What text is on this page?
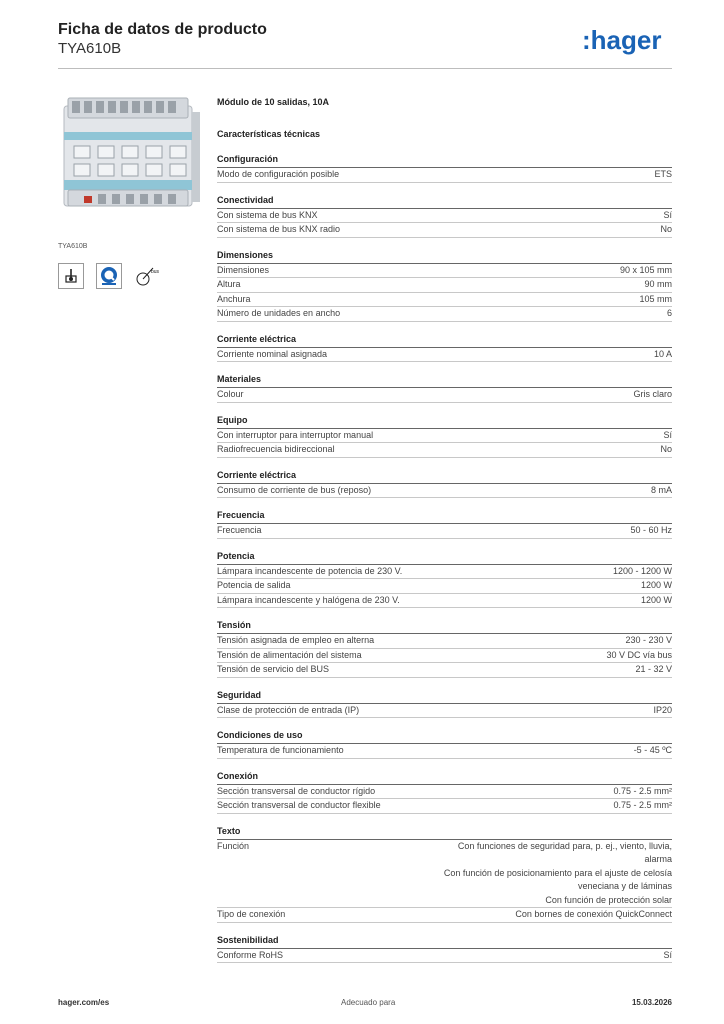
Ficha de datos de producto
TYA610B	:hager
TYA610B
bus
Módulo de 10 salidas, 10A
Características técnicas
Configuración
Modo de configuración posible	ETS
Conectividad
Con sistema de bus KNX	Sí
Con sistema de bus KNX radio	No
Dimensiones
Dimensiones	90 x 105 mm
Altura	90 mm
Anchura	105 mm
Número de unidades en ancho	6
Corriente eléctrica
Corriente nominal asignada	10 A
Materiales
Colour	Gris claro
Equipo
Con interruptor para interruptor manual	Sí
Radiofrecuencia bidireccional	No
Corriente eléctrica
Consumo de corriente de bus (reposo)	8 mA
Frecuencia
Frecuencia	50 - 60 Hz
Potencia
Lámpara incandescente de potencia de 230 V.	1200 - 1200 W
Potencia de salida	1200 W
Lámpara incandescente y halógena de 230 V.	1200 W
Tensión
Tensión asignada de empleo en alterna	230 - 230 V
Tensión de alimentación del sistema	30 V DC vía bus
Tensión de servicio del BUS	21 - 32 V
Seguridad
Clase de protección de entrada (IP)	IP20
Condiciones de uso
Temperatura de funcionamiento	-5 - 45 ºC
Conexión
Sección transversal de conductor rígido	0.75 - 2.5 mm²
Sección transversal de conductor flexible	0.75 - 2.5 mm²
Texto
Función	Con funciones de seguridad para, p. ej., viento, lluvia,
alarma
Con función de posicionamiento para el ajuste de celosía
veneciana y de láminas
Con función de protección solar
Tipo de conexión	Con bornes de conexión QuickConnect
Sostenibilidad
Conforme RoHS	Sí
hager.com/es	Adecuado para	15.03.2026
